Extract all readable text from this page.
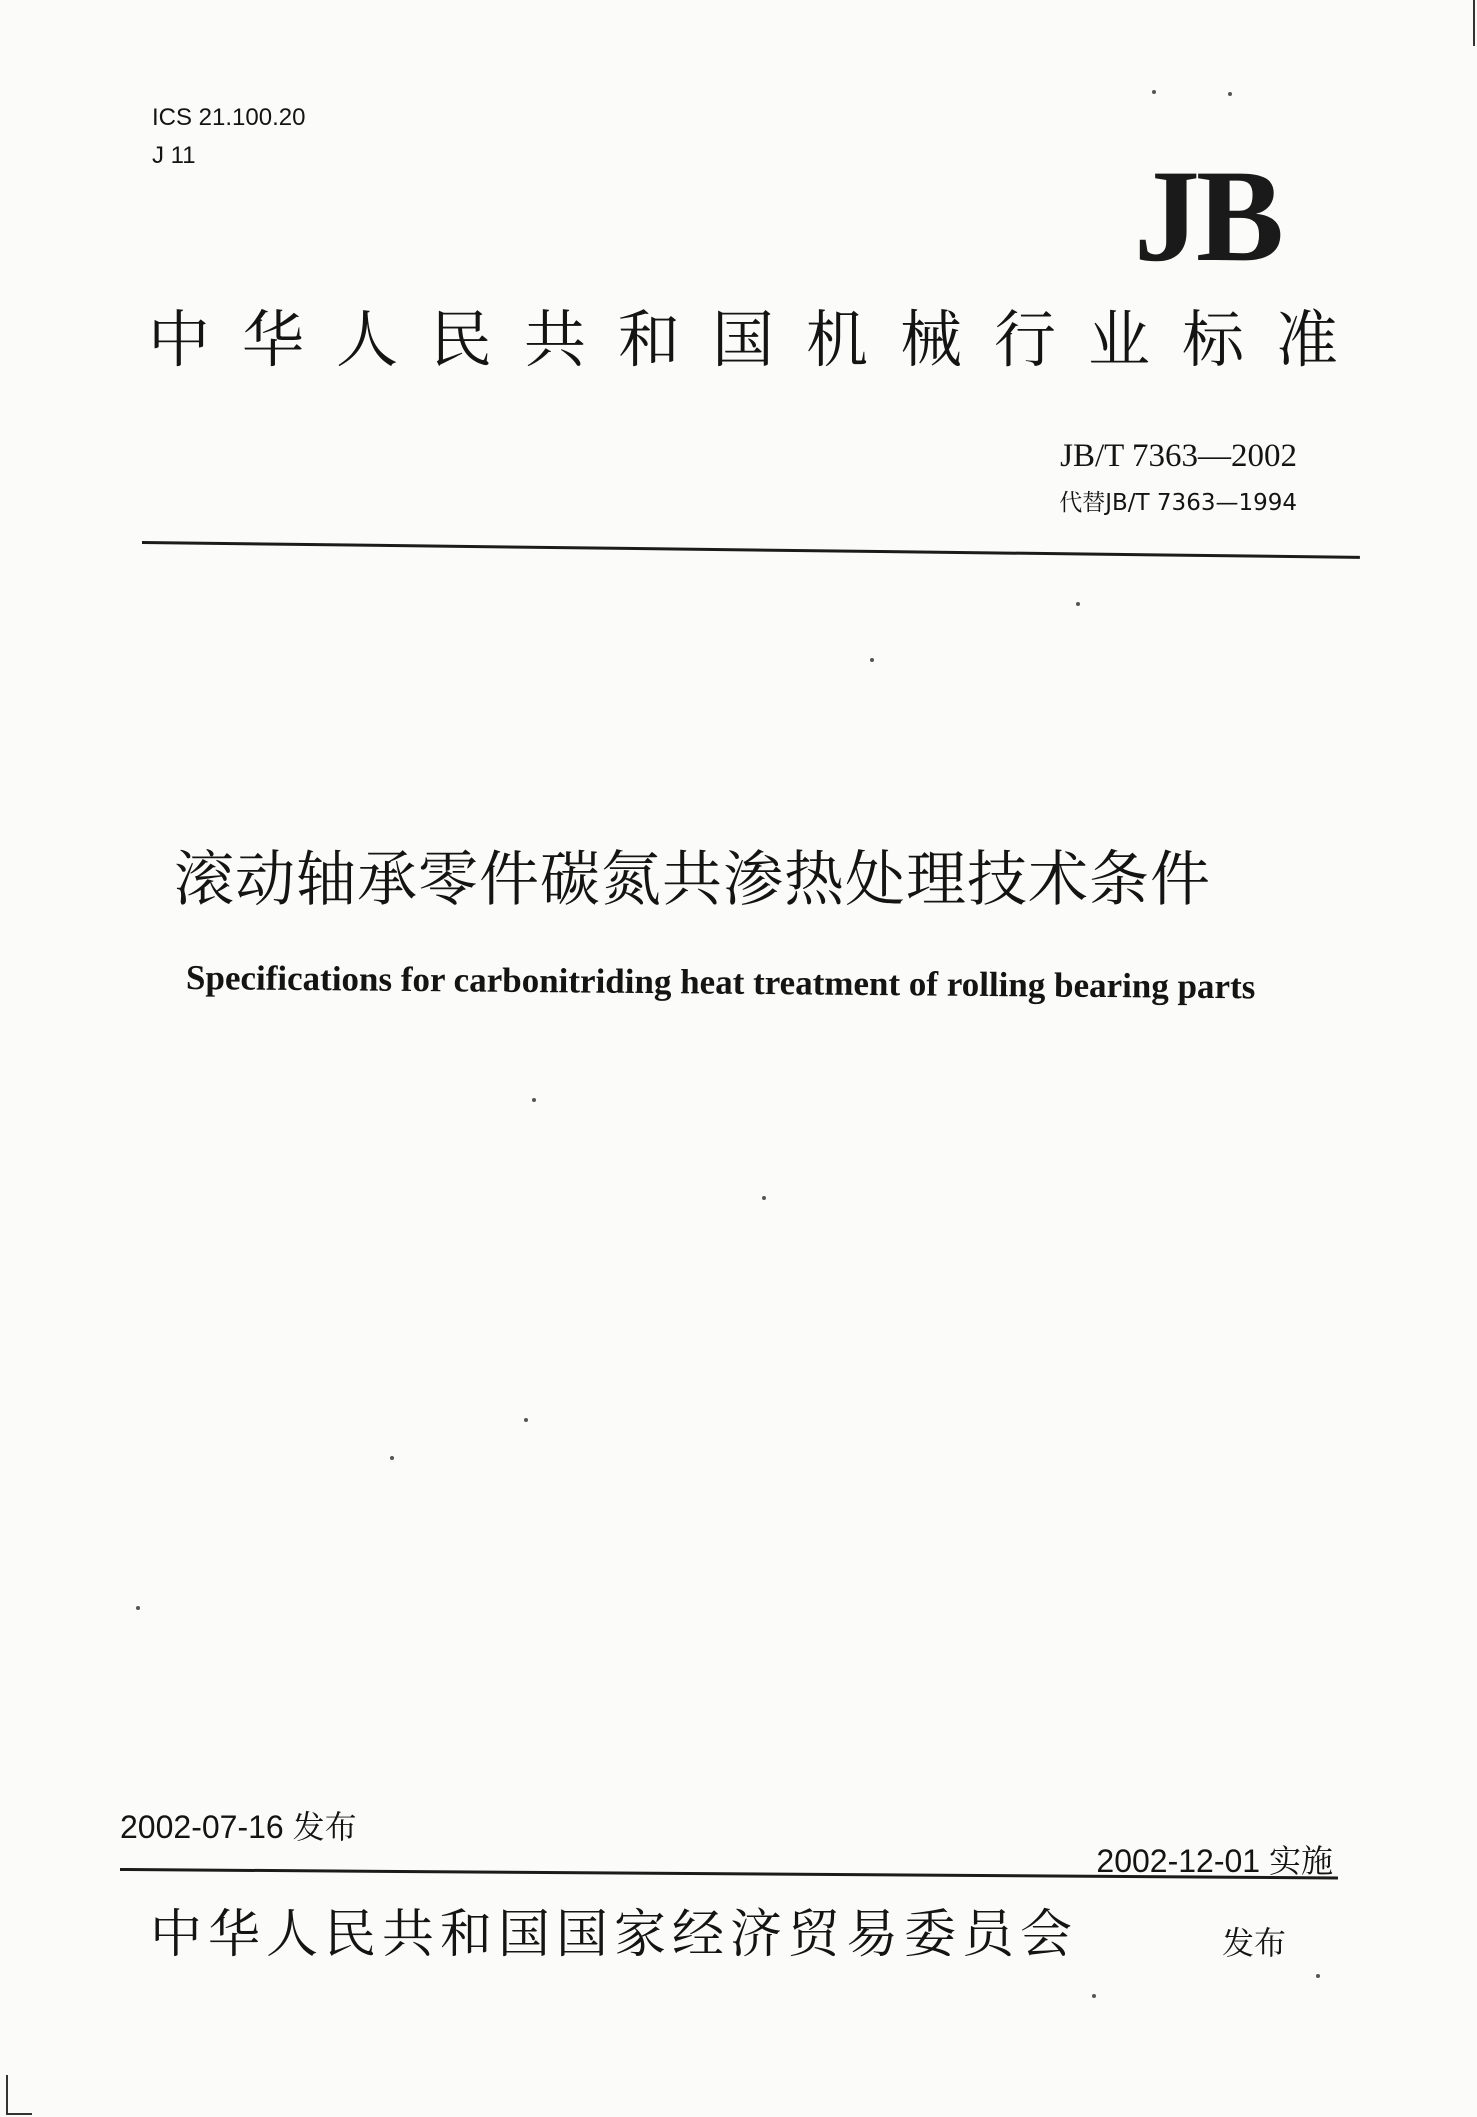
ICS 21.100.20
J 11	JB
中华人民共和国机械行业标准
JB/T 7363—2002
代替JB/T 7363—1994
滚动轴承零件碳氮共渗热处理技术条件
Specifications for carbonitriding heat treatment of rolling bearing parts
2002-07-16 发布
2002-12-01 实施
中华人民共和国国家经济贸易委员会	发布
